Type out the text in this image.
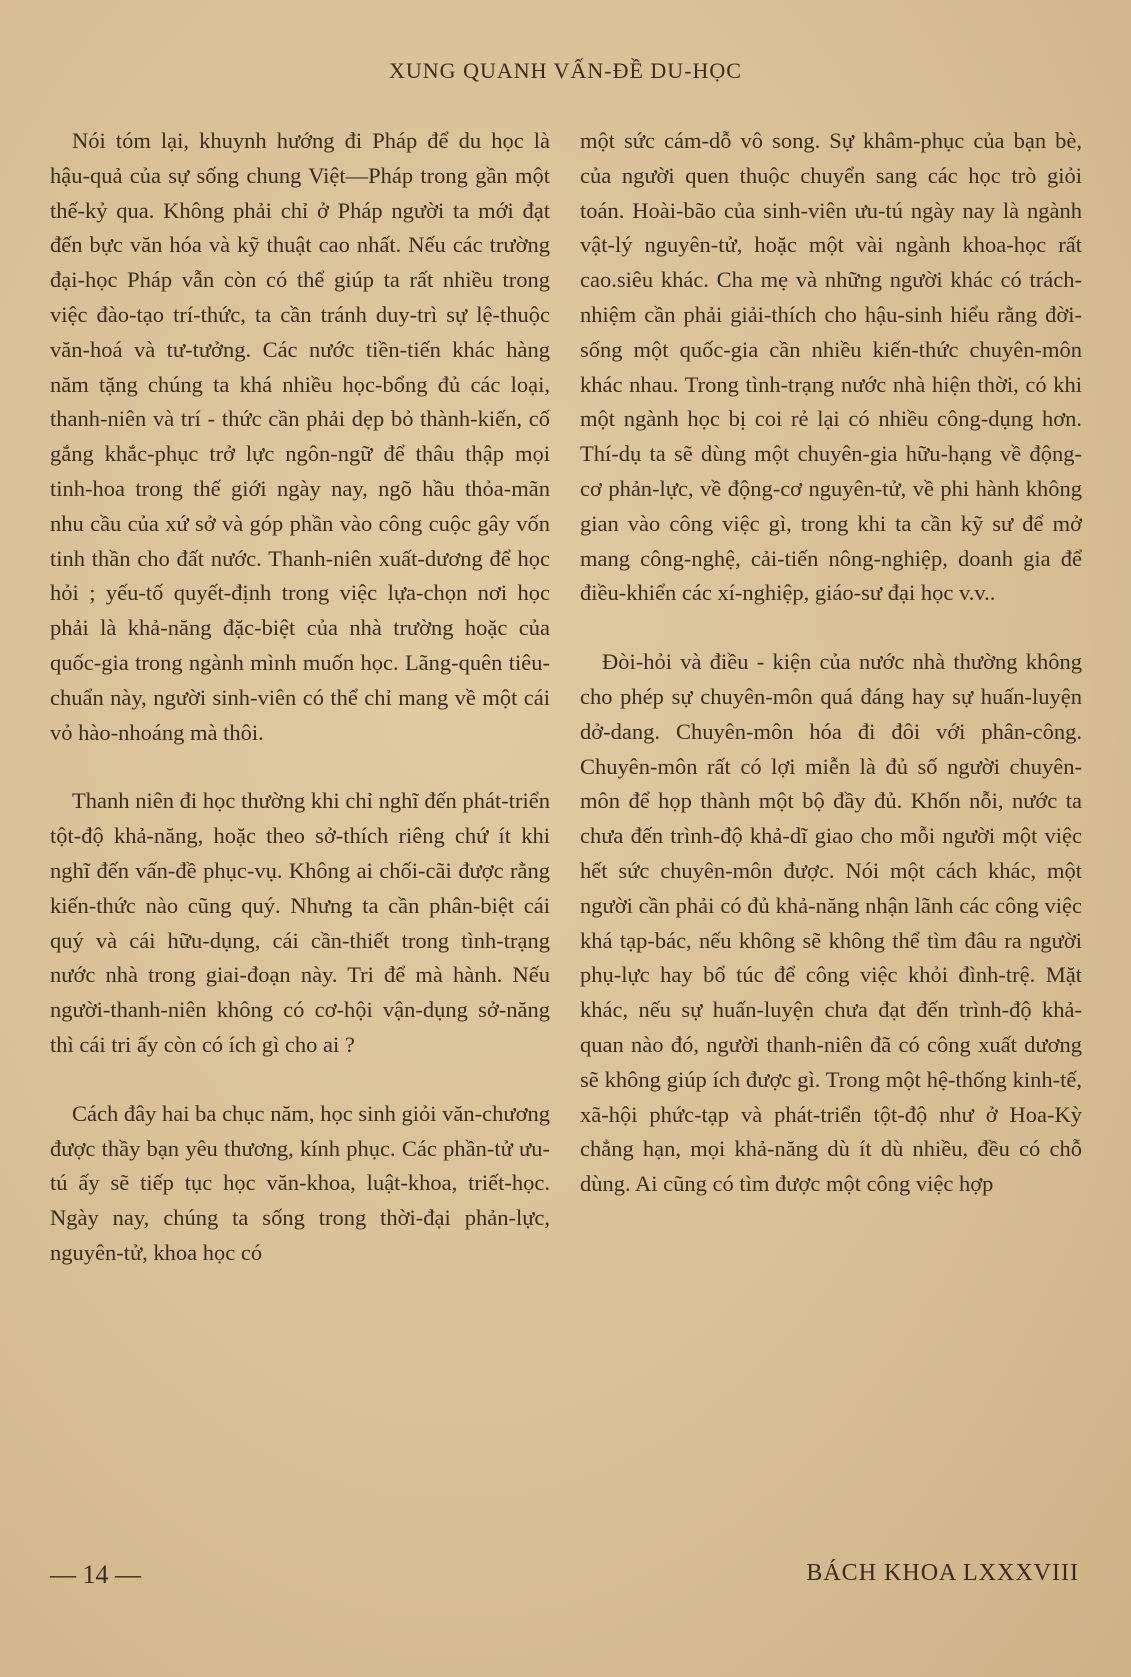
XUNG QUANH VẤN-ĐỀ DU-HỌC

Nói tóm lại, khuynh hướng đi Pháp để du học là hậu-quả của sự sống chung Việt—Pháp trong gần một thế-kỷ qua. Không phải chỉ ở Pháp người ta mới đạt đến bực văn hóa và kỹ thuật cao nhất. Nếu các trường đại-học Pháp vẫn còn có thể giúp ta rất nhiều trong việc đào-tạo trí-thức, ta cần tránh duy-trì sự lệ-thuộc văn-hoá và tư-tưởng. Các nước tiền-tiến khác hàng năm tặng chúng ta khá nhiều học-bổng đủ các loại, thanh-niên và trí - thức cần phải dẹp bỏ thành-kiến, cố gắng khắc-phục trở lực ngôn-ngữ để thâu thập mọi tinh-hoa trong thế giới ngày nay, ngõ hầu thỏa-mãn nhu cầu của xứ sở và góp phần vào công cuộc gây vốn tinh thần cho đất nước. Thanh-niên xuất-dương để học hỏi ; yếu-tố quyết-định trong việc lựa-chọn nơi học phải là khả-năng đặc-biệt của nhà trường hoặc của quốc-gia trong ngành mình muốn học. Lãng-quên tiêu-chuẩn này, người sinh-viên có thể chỉ mang về một cái vỏ hào-nhoáng mà thôi.

Thanh niên đi học thường khi chỉ nghĩ đến phát-triển tột-độ khả-năng, hoặc theo sở-thích riêng chứ ít khi nghĩ đến vấn-đề phục-vụ. Không ai chối-cãi được rằng kiến-thức nào cũng quý. Nhưng ta cần phân-biệt cái quý và cái hữu-dụng, cái cần-thiết trong tình-trạng nước nhà trong giai-đoạn này. Tri để mà hành. Nếu người-thanh-niên không có cơ-hội vận-dụng sở-năng thì cái tri ấy còn có ích gì cho ai ?

Cách đây hai ba chục năm, học sinh giỏi văn-chương được thầy bạn yêu thương, kính phục. Các phần-tử ưu-tú ấy sẽ tiếp tục học văn-khoa, luật-khoa, triết-học. Ngày nay, chúng ta sống trong thời-đại phản-lực, nguyên-tử, khoa học có

một sức cám-dỗ vô song. Sự khâm-phục của bạn bè, của người quen thuộc chuyển sang các học trò giỏi toán. Hoài-bão của sinh-viên ưu-tú ngày nay là ngành vật-lý nguyên-tử, hoặc một vài ngành khoa-học rất cao.siêu khác. Cha mẹ và những người khác có trách-nhiệm cần phải giải-thích cho hậu-sinh hiểu rằng đời-sống một quốc-gia cần nhiều kiến-thức chuyên-môn khác nhau. Trong tình-trạng nước nhà hiện thời, có khi một ngành học bị coi rẻ lại có nhiều công-dụng hơn. Thí-dụ ta sẽ dùng một chuyên-gia hữu-hạng về động-cơ phản-lực, về động-cơ nguyên-tử, về phi hành không gian vào công việc gì, trong khi ta cần kỹ sư để mở mang công-nghệ, cải-tiến nông-nghiệp, doanh gia để điều-khiển các xí-nghiệp, giáo-sư đại học v.v..

Đòi-hỏi và điều - kiện của nước nhà thường không cho phép sự chuyên-môn quá đáng hay sự huấn-luyện dở-dang. Chuyên-môn hóa đi đôi với phân-công. Chuyên-môn rất có lợi miễn là đủ số người chuyên-môn để họp thành một bộ đầy đủ. Khốn nỗi, nước ta chưa đến trình-độ khả-dĩ giao cho mỗi người một việc hết sức chuyên-môn được. Nói một cách khác, một người cần phải có đủ khả-năng nhận lãnh các công việc khá tạp-bác, nếu không sẽ không thể tìm đâu ra người phụ-lực hay bổ túc để công việc khỏi đình-trệ. Mặt khác, nếu sự huấn-luyện chưa đạt đến trình-độ khả-quan nào đó, người thanh-niên đã có công xuất dương sẽ không giúp ích được gì. Trong một hệ-thống kinh-tế, xã-hội phức-tạp và phát-triển tột-độ như ở Hoa-Kỳ chẳng hạn, mọi khả-năng dù ít dù nhiều, đều có chỗ dùng. Ai cũng có tìm được một công việc hợp

— 14 —	BÁCH KHOA LXXXVIII
